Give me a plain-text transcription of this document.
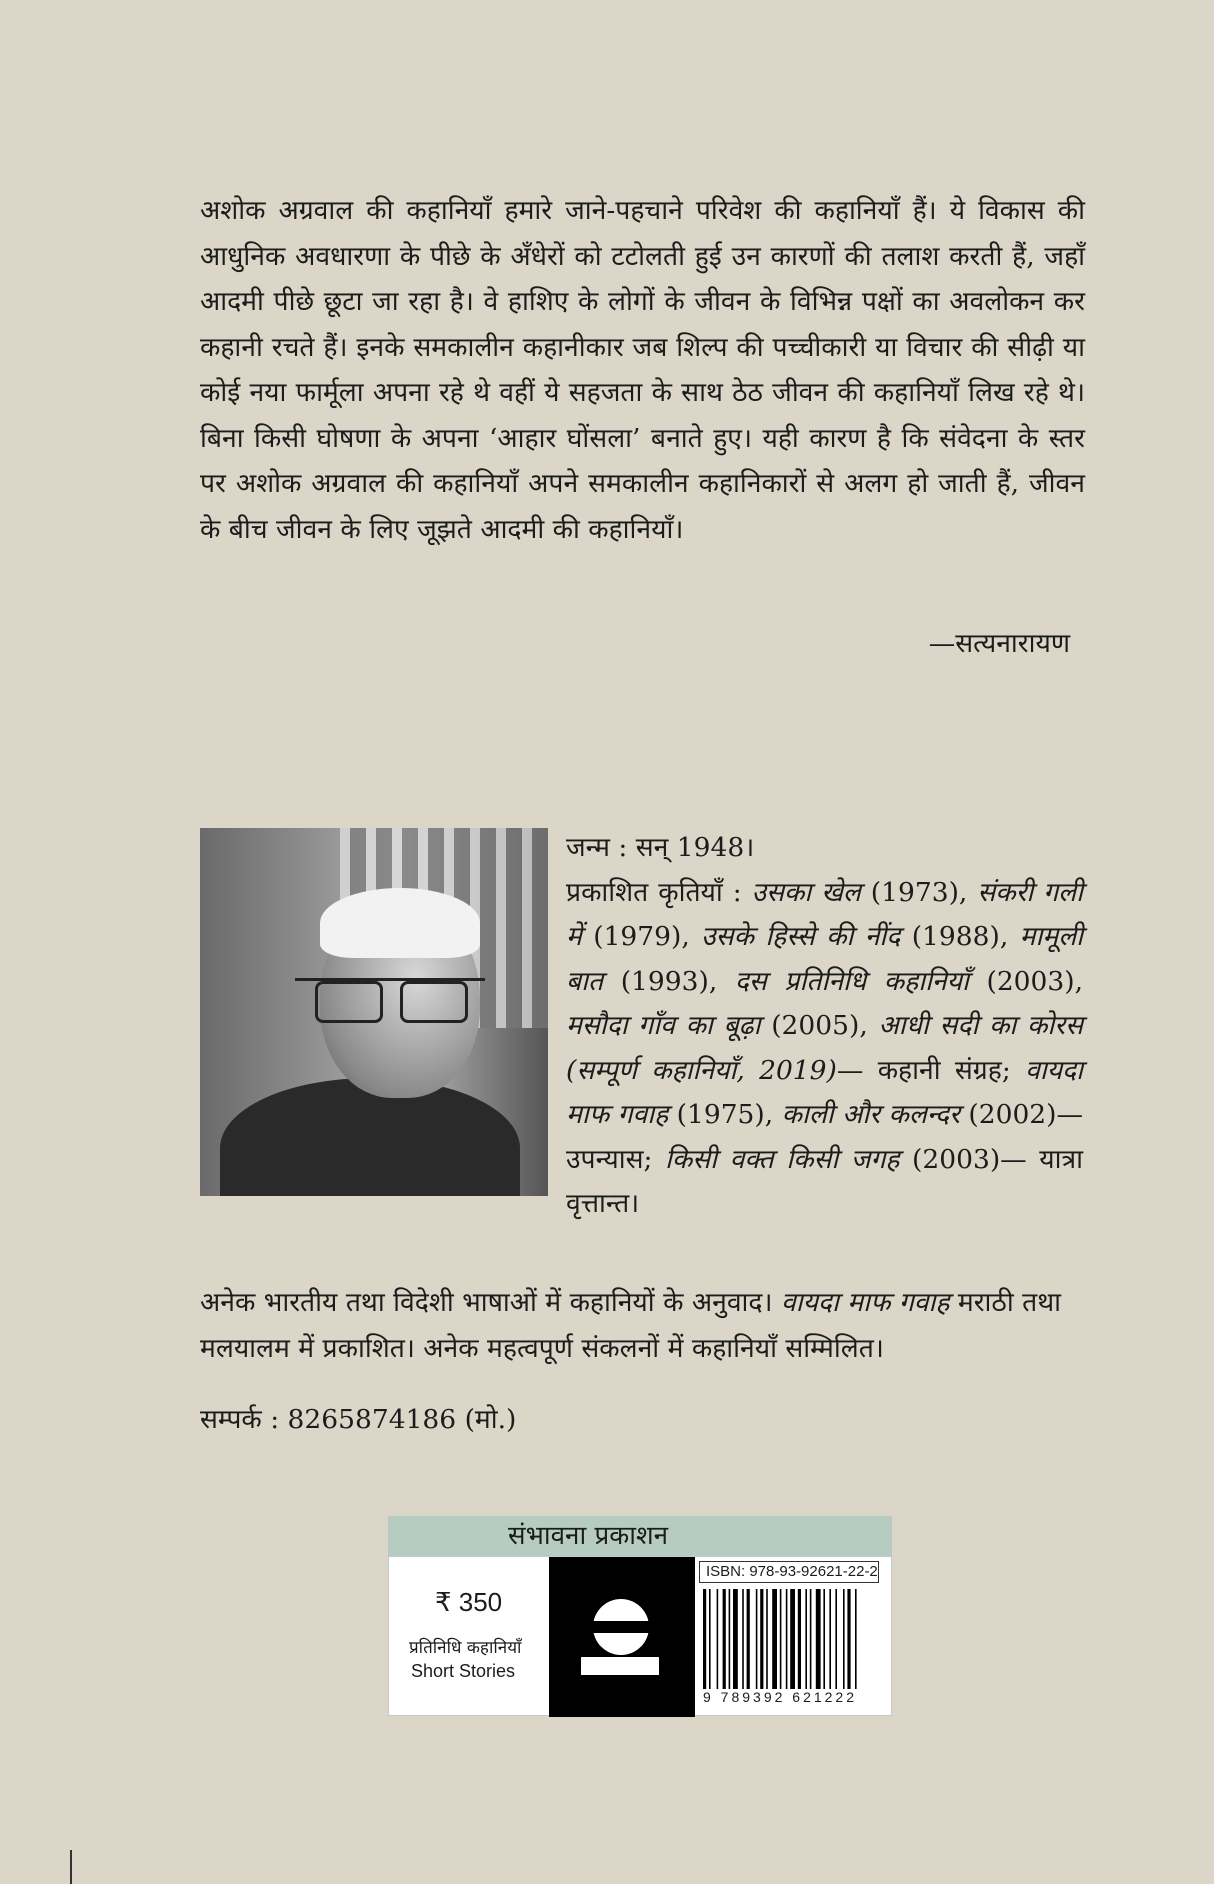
अशोक अग्रवाल की कहानियाँ हमारे जाने-पहचाने परिवेश की कहानियाँ हैं। ये विकास की आधुनिक अवधारणा के पीछे के अँधेरों को टटोलती हुई उन कारणों की तलाश करती हैं, जहाँ आदमी पीछे छूटा जा रहा है। वे हाशिए के लोगों के जीवन के विभिन्न पक्षों का अवलोकन कर कहानी रचते हैं। इनके समकालीन कहानीकार जब शिल्प की पच्चीकारी या विचार की सीढ़ी या कोई नया फार्मूला अपना रहे थे वहीं ये सहजता के साथ ठेठ जीवन की कहानियाँ लिख रहे थे। बिना किसी घोषणा के अपना ‘आहार घोंसला’ बनाते हुए। यही कारण है कि संवेदना के स्तर पर अशोक अग्रवाल की कहानियाँ अपने समकालीन कहानिकारों से अलग हो जाती हैं, जीवन के बीच जीवन के लिए जूझते आदमी की कहानियाँ।
—सत्यनारायण
जन्म : सन् 1948।
प्रकाशित कृतियाँ : उसका खेल (1973), संकरी गली में (1979), उसके हिस्से की नींद (1988), मामूली बात (1993), दस प्रतिनिधि कहानियाँ (2003), मसौदा गाँव का बूढ़ा (2005), आधी सदी का कोरस (सम्पूर्ण कहानियाँ, 2019)— कहानी संग्रह; वायदा माफ गवाह (1975), काली और कलन्दर (2002)— उपन्यास; किसी वक्त किसी जगह (2003)— यात्रा वृत्तान्त।
अनेक भारतीय तथा विदेशी भाषाओं में कहानियों के अनुवाद। वायदा माफ गवाह मराठी तथा मलयालम में प्रकाशित। अनेक महत्वपूर्ण संकलनों में कहानियाँ सम्मिलित।
सम्पर्क : 8265874186 (मो.)
संभावना प्रकाशन
₹ 350
प्रतिनिधि कहानियाँ
Short Stories
ISBN: 978-93-92621-22-2
9 789392 621222
